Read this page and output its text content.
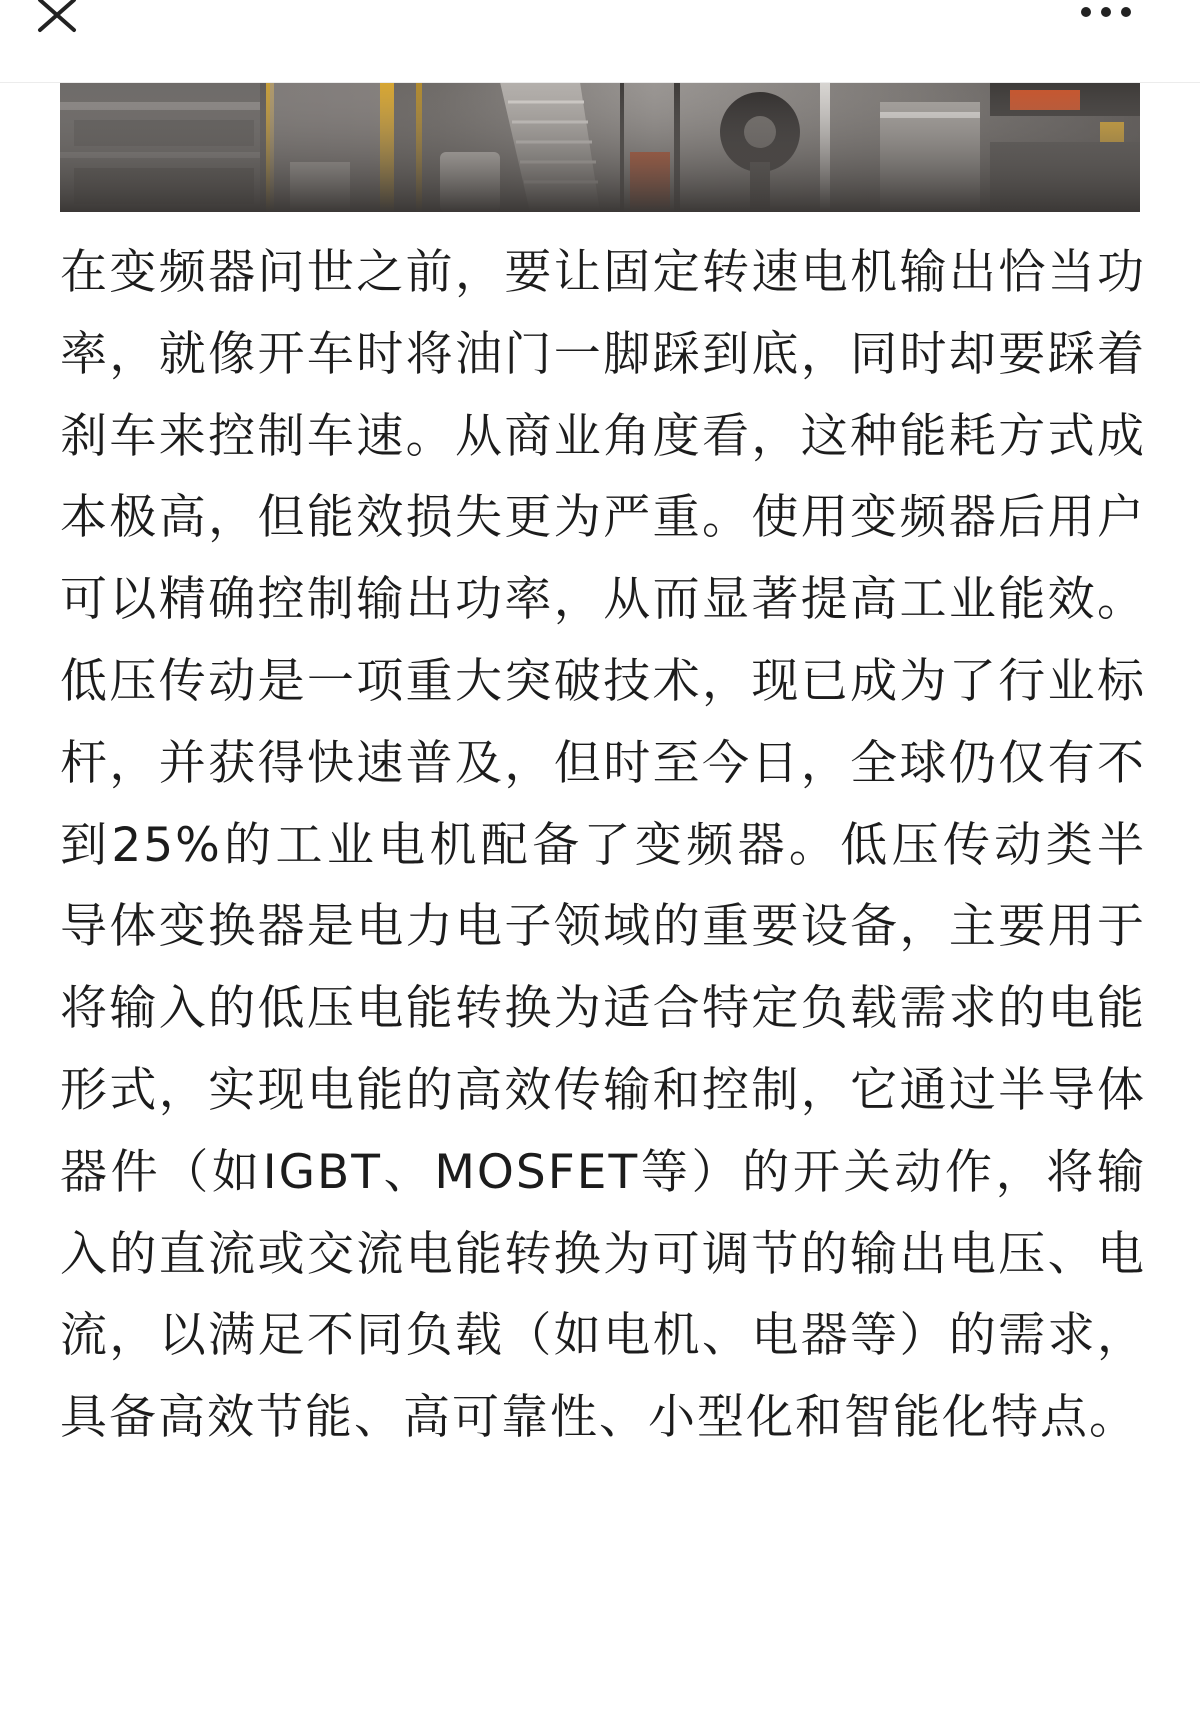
在变频器问世之前，要让固定转速电机输出恰当功率，就像开车时将油门一脚踩到底，同时却要踩着刹车来控制车速。从商业角度看，这种能耗方式成本极高，但能效损失更为严重。使用变频器后用户可以精确控制输出功率，从而显著提高工业能效。低压传动是一项重大突破技术，现已成为了行业标杆，并获得快速普及，但时至今日，全球仍仅有不到25%的工业电机配备了变频器。低压传动类半导体变换器是电力电子领域的重要设备，主要用于将输入的低压电能转换为适合特定负载需求的电能形式，实现电能的高效传输和控制，它通过半导体器件（如IGBT、MOSFET等）的开关动作，将输入的直流或交流电能转换为可调节的输出电压、电流，以满足不同负载（如电机、电器等）的需求，具备高效节能、高可靠性、小型化和智能化特点。
